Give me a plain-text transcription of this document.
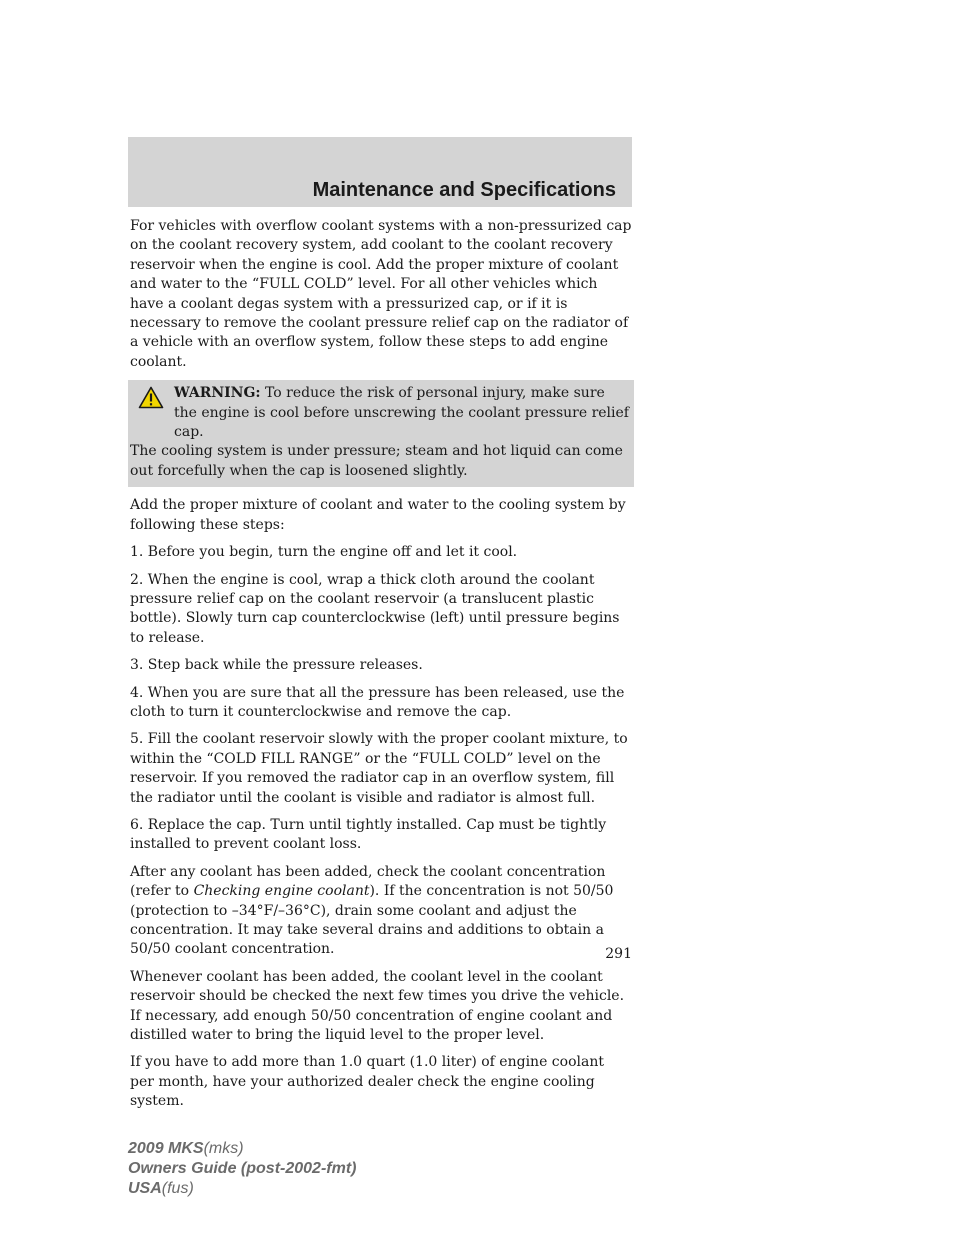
Maintenance and Specifications

For vehicles with overflow coolant systems with a non-pressurized cap on the coolant recovery system, add coolant to the coolant recovery reservoir when the engine is cool. Add the proper mixture of coolant and water to the “FULL COLD” level. For all other vehicles which have a coolant degas system with a pressurized cap, or if it is necessary to remove the coolant pressure relief cap on the radiator of a vehicle with an overflow system, follow these steps to add engine coolant.

WARNING: To reduce the risk of personal injury, make sure the engine is cool before unscrewing the coolant pressure relief cap.
The cooling system is under pressure; steam and hot liquid can come out forcefully when the cap is loosened slightly.

Add the proper mixture of coolant and water to the cooling system by following these steps:

1. Before you begin, turn the engine off and let it cool.

2. When the engine is cool, wrap a thick cloth around the coolant pressure relief cap on the coolant reservoir (a translucent plastic bottle). Slowly turn cap counterclockwise (left) until pressure begins to release.

3. Step back while the pressure releases.

4. When you are sure that all the pressure has been released, use the cloth to turn it counterclockwise and remove the cap.

5. Fill the coolant reservoir slowly with the proper coolant mixture, to within the “COLD FILL RANGE” or the “FULL COLD” level on the reservoir. If you removed the radiator cap in an overflow system, fill the radiator until the coolant is visible and radiator is almost full.

6. Replace the cap. Turn until tightly installed. Cap must be tightly installed to prevent coolant loss.

After any coolant has been added, check the coolant concentration (refer to Checking engine coolant). If the concentration is not 50/50 (protection to –34°F/–36°C), drain some coolant and adjust the concentration. It may take several drains and additions to obtain a 50/50 coolant concentration.

Whenever coolant has been added, the coolant level in the coolant reservoir should be checked the next few times you drive the vehicle. If necessary, add enough 50/50 concentration of engine coolant and distilled water to bring the liquid level to the proper level.

If you have to add more than 1.0 quart (1.0 liter) of engine coolant per month, have your authorized dealer check the engine cooling system.

291
2009 MKS(mks)
Owners Guide (post-2002-fmt)
USA(fus)
